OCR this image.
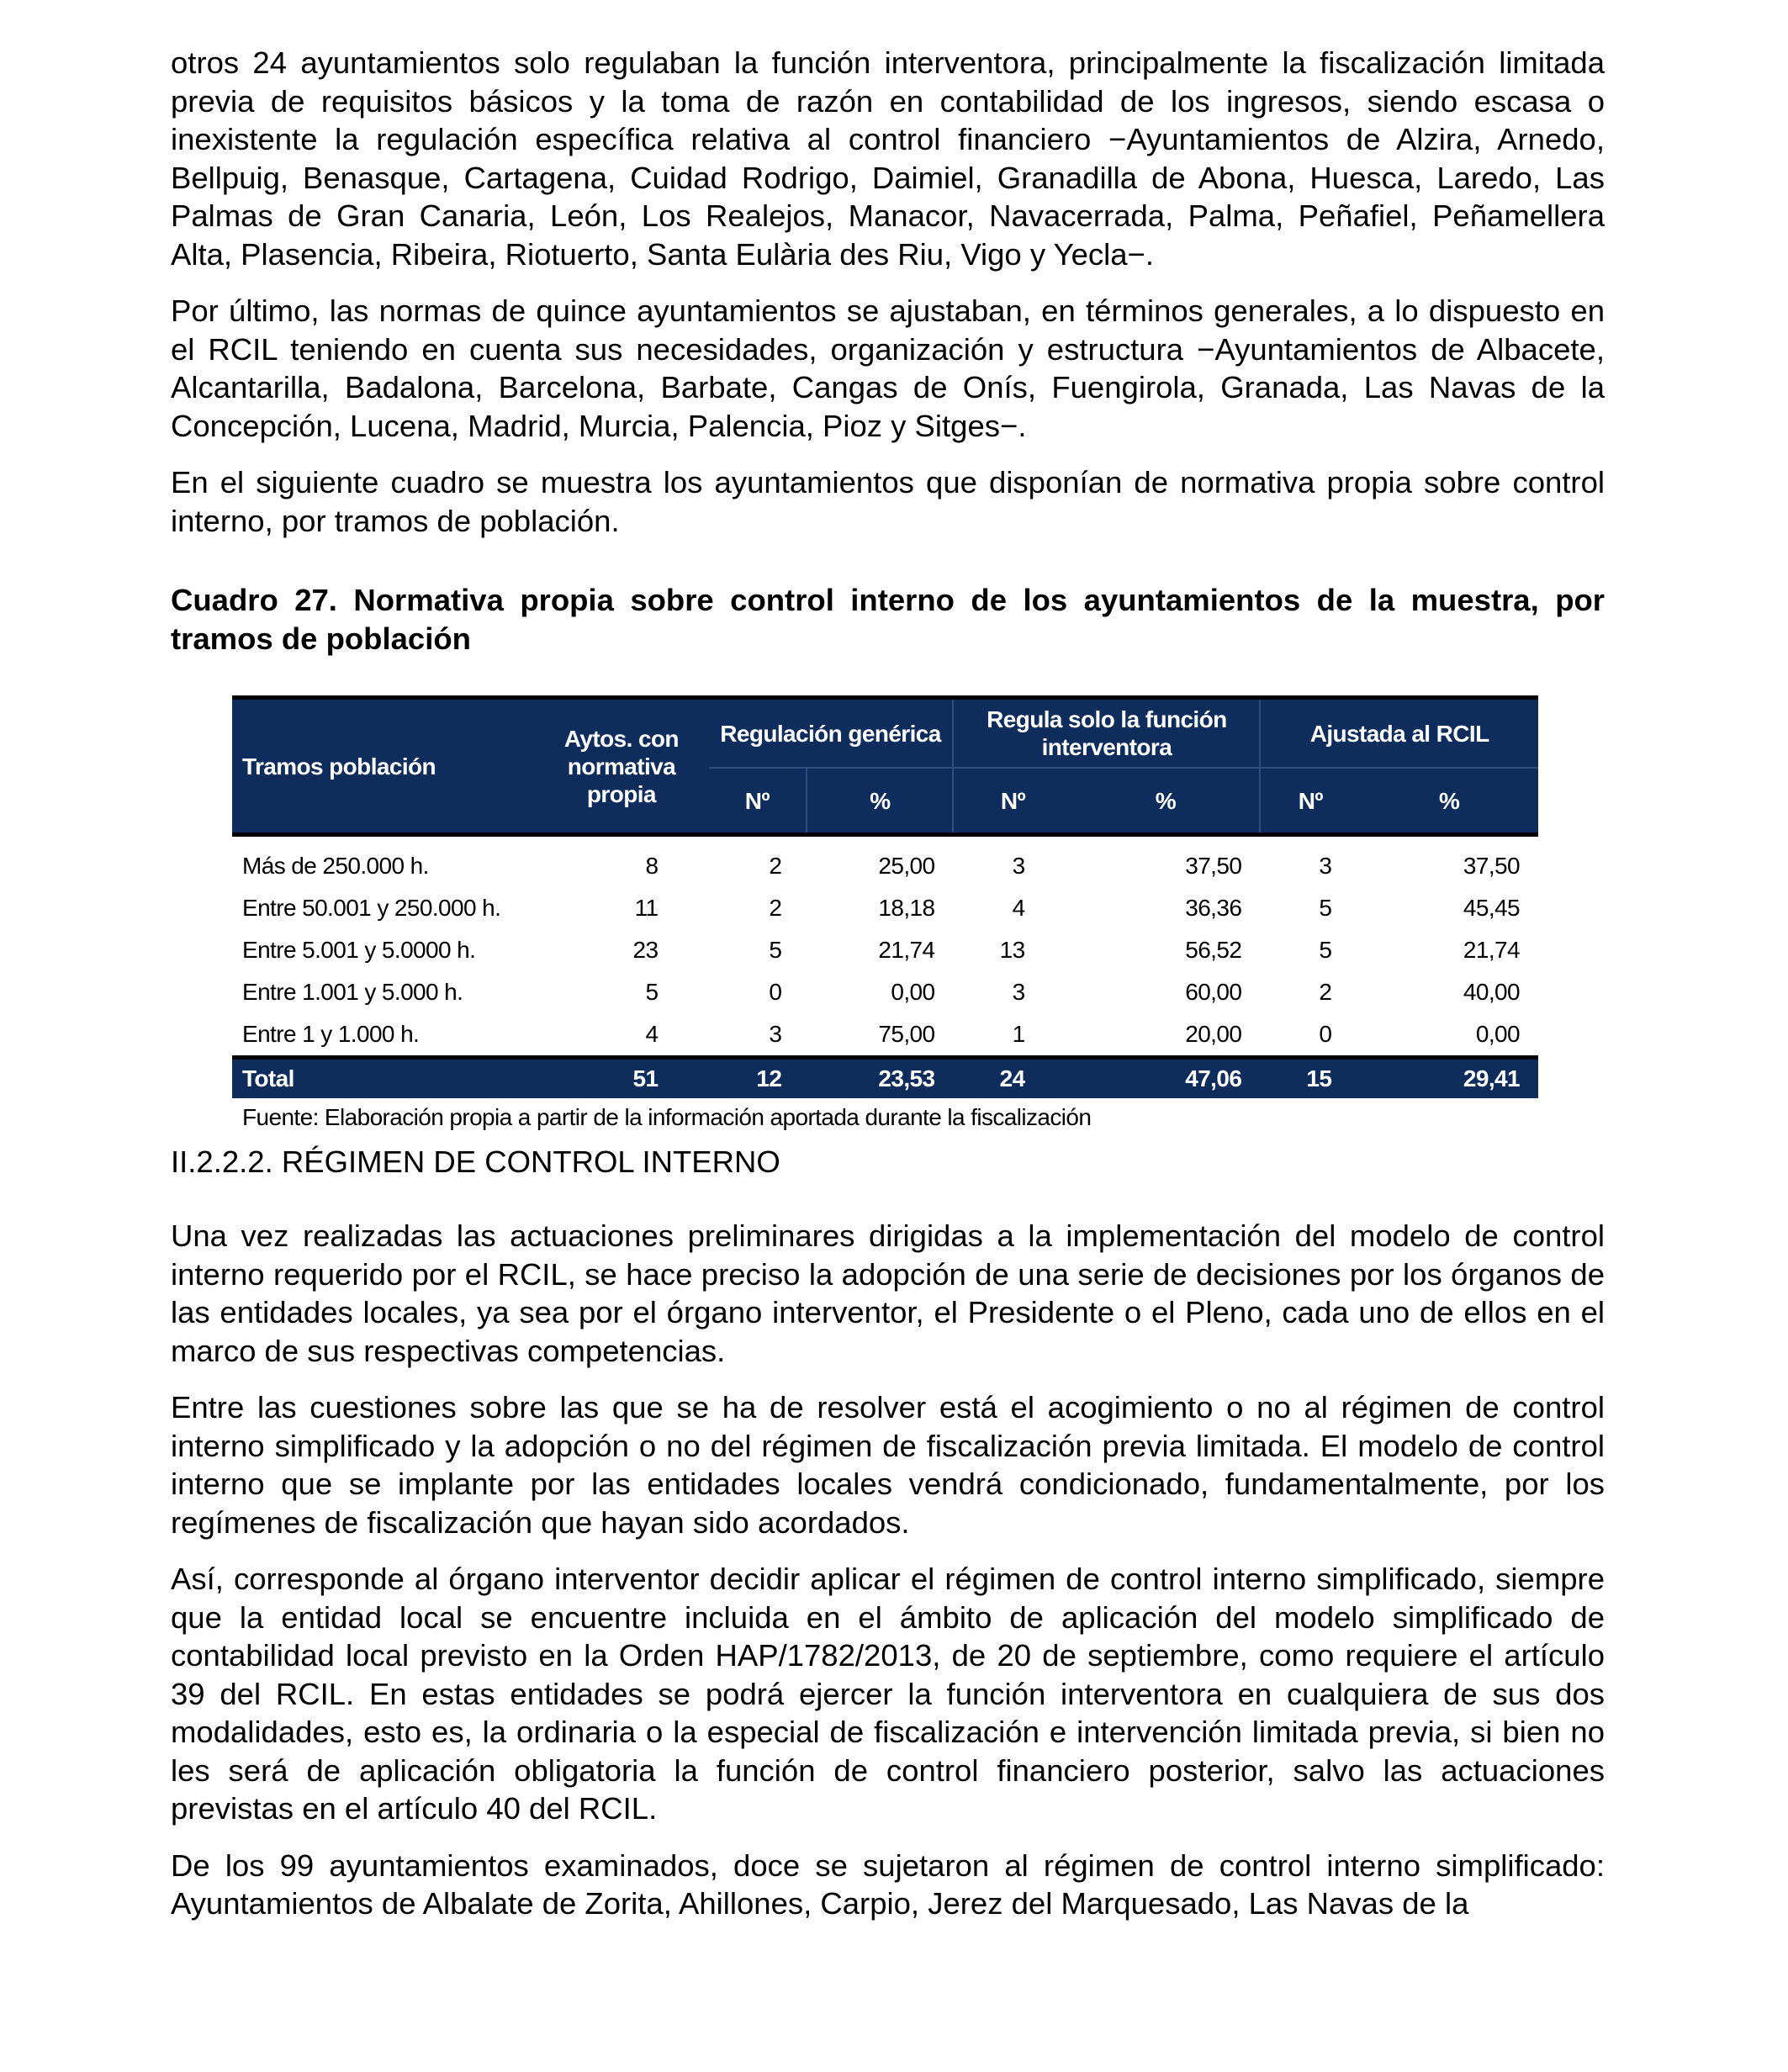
otros 24 ayuntamientos solo regulaban la función interventora, principalmente la fiscalización limitada previa de requisitos básicos y la toma de razón en contabilidad de los ingresos, siendo escasa o inexistente la regulación específica relativa al control financiero −Ayuntamientos de Alzira, Arnedo, Bellpuig, Benasque, Cartagena, Cuidad Rodrigo, Daimiel, Granadilla de Abona, Huesca, Laredo, Las Palmas de Gran Canaria, León, Los Realejos, Manacor, Navacerrada, Palma, Peñafiel, Peñamellera Alta, Plasencia, Ribeira, Riotuerto, Santa Eulària des Riu, Vigo y Yecla−.

Por último, las normas de quince ayuntamientos se ajustaban, en términos generales, a lo dispuesto en el RCIL teniendo en cuenta sus necesidades, organización y estructura −Ayuntamientos de Albacete, Alcantarilla, Badalona, Barcelona, Barbate, Cangas de Onís, Fuengirola, Granada, Las Navas de la Concepción, Lucena, Madrid, Murcia, Palencia, Pioz y Sitges−.

En el siguiente cuadro se muestra los ayuntamientos que disponían de normativa propia sobre control interno, por tramos de población.

Cuadro 27. Normativa propia sobre control interno de los ayuntamientos de la muestra, por tramos de población

Tramos población	Aytos. con normativa propia	Regulación genérica		Regula solo la función interventora		Ajustada al RCIL	
		Nº	%	Nº	%	Nº	%
Más de 250.000 h.	8	2	25,00	3	37,50	3	37,50
Entre 50.001 y 250.000 h.	11	2	18,18	4	36,36	5	45,45
Entre 5.001 y 5.0000 h.	23	5	21,74	13	56,52	5	21,74
Entre 1.001 y 5.000 h.	5	0	0,00	3	60,00	2	40,00
Entre 1 y 1.000 h.	4	3	75,00	1	20,00	0	0,00
Total	51	12	23,53	24	47,06	15	29,41

Fuente: Elaboración propia a partir de la información aportada durante la fiscalización

II.2.2.2. RÉGIMEN DE CONTROL INTERNO

Una vez realizadas las actuaciones preliminares dirigidas a la implementación del modelo de control interno requerido por el RCIL, se hace preciso la adopción de una serie de decisiones por los órganos de las entidades locales, ya sea por el órgano interventor, el Presidente o el Pleno, cada uno de ellos en el marco de sus respectivas competencias.

Entre las cuestiones sobre las que se ha de resolver está el acogimiento o no al régimen de control interno simplificado y la adopción o no del régimen de fiscalización previa limitada. El modelo de control interno que se implante por las entidades locales vendrá condicionado, fundamentalmente, por los regímenes de fiscalización que hayan sido acordados.

Así, corresponde al órgano interventor decidir aplicar el régimen de control interno simplificado, siempre que la entidad local se encuentre incluida en el ámbito de aplicación del modelo simplificado de contabilidad local previsto en la Orden HAP/1782/2013, de 20 de septiembre, como requiere el artículo 39 del RCIL. En estas entidades se podrá ejercer la función interventora en cualquiera de sus dos modalidades, esto es, la ordinaria o la especial de fiscalización e intervención limitada previa, si bien no les será de aplicación obligatoria la función de control financiero posterior, salvo las actuaciones previstas en el artículo 40 del RCIL.

De los 99 ayuntamientos examinados, doce se sujetaron al régimen de control interno simplificado: Ayuntamientos de Albalate de Zorita, Ahillones, Carpio, Jerez del Marquesado, Las Navas de la
